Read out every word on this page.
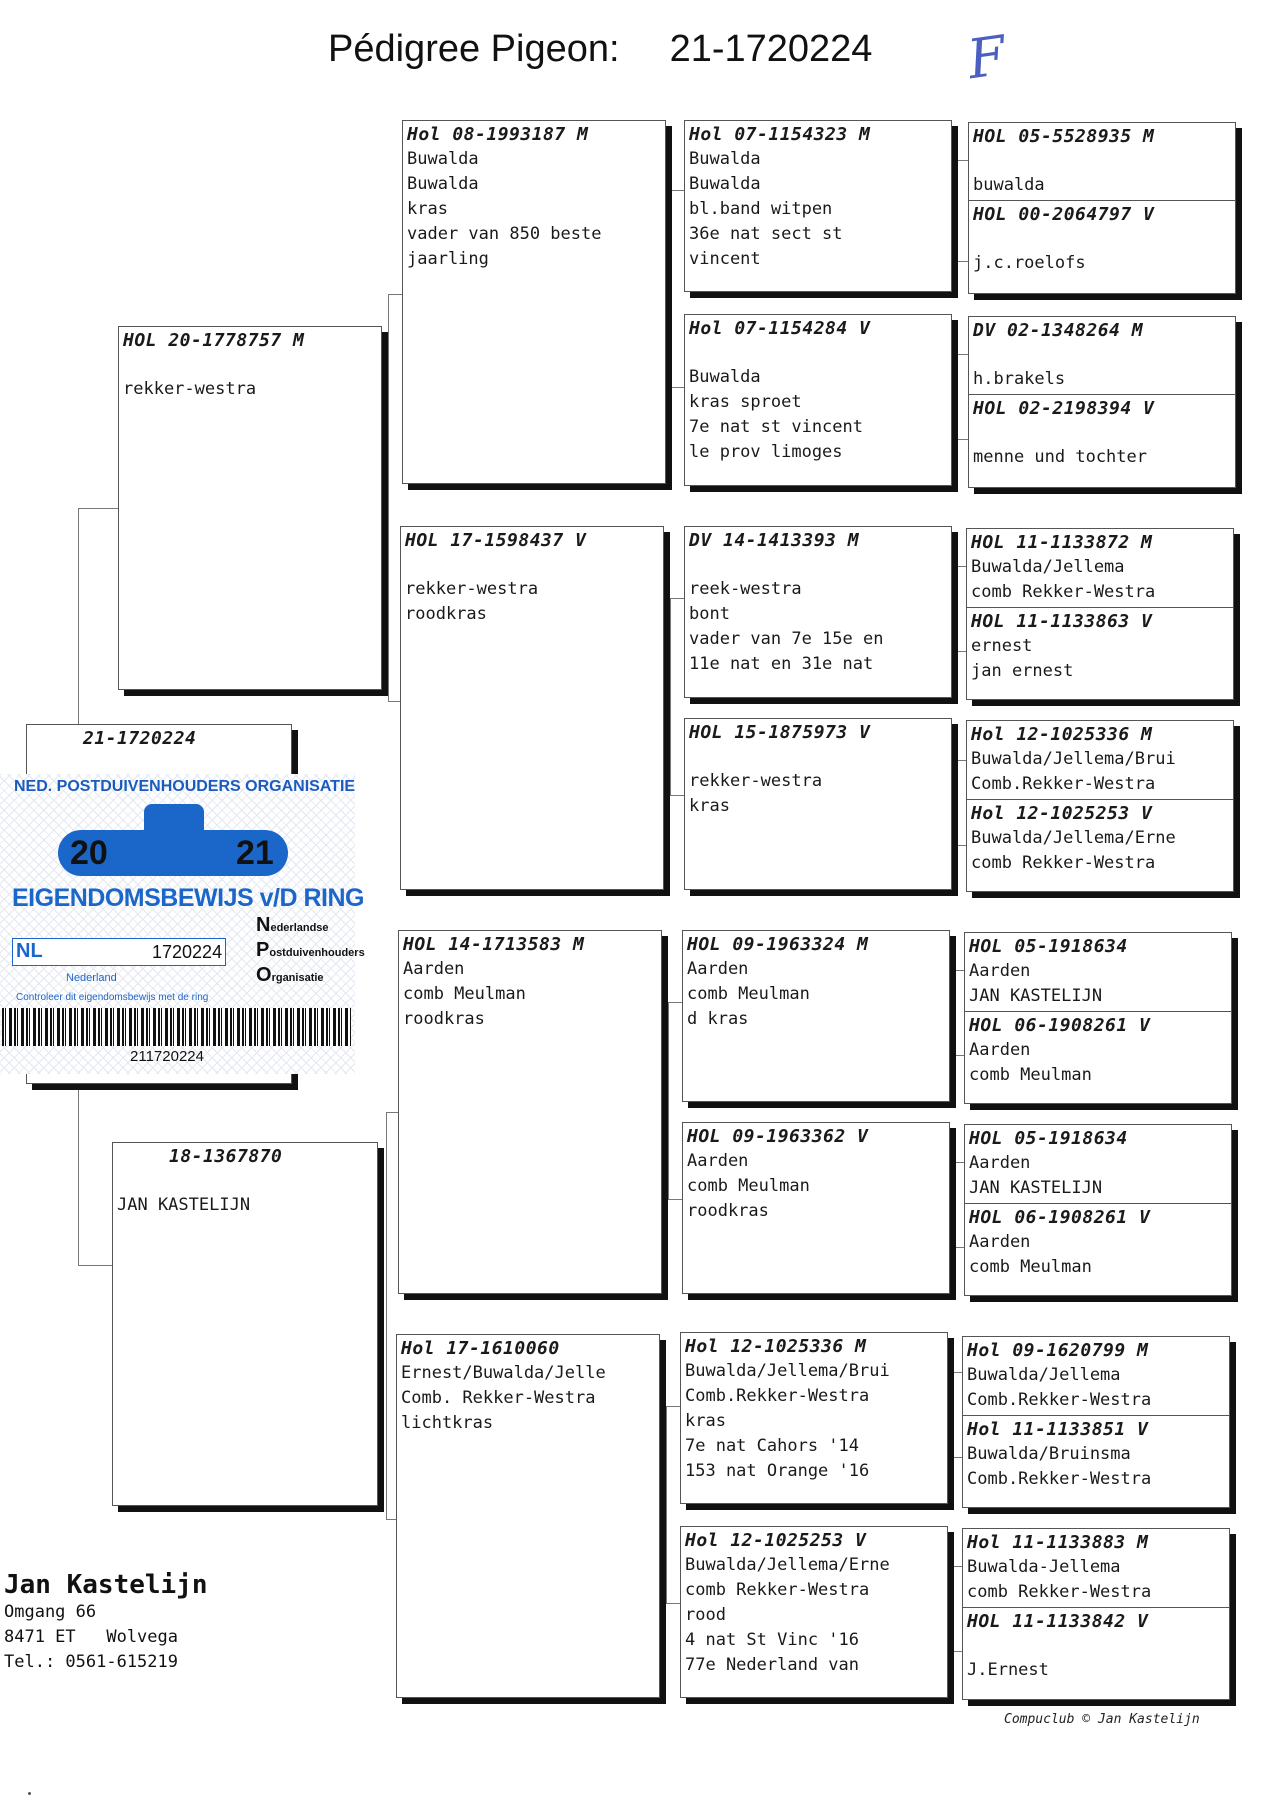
Pédigree Pigeon: 21-1720224 F
21-1720224
HOL 20-1778757 M
rekker-westra
18-1367870
JAN KASTELIJN
Hol 08-1993187 M
Buwalda
Buwalda
kras
vader van 850 beste
jaarling
HOL 17-1598437 V
rekker-westra
roodkras
HOL 14-1713583 M
Aarden
comb Meulman
roodkras
Hol 17-1610060
Ernest/Buwalda/Jelle
Comb. Rekker-Westra
lichtkras
Hol 07-1154323 M
Buwalda
Buwalda
bl.band witpen
36e nat sect st
vincent
Hol 07-1154284 V
Buwalda
kras sproet
7e nat st vincent
le prov limoges
DV 14-1413393 M
reek-westra
bont
vader van 7e 15e en
11e nat en 31e nat
HOL 15-1875973 V
rekker-westra
kras
HOL 09-1963324 M
Aarden
comb Meulman
d kras
HOL 09-1963362 V
Aarden
comb Meulman
roodkras
Hol 12-1025336 M
Buwalda/Jellema/Brui
Comb.Rekker-Westra
kras
7e nat Cahors '14
153 nat Orange '16
Hol 12-1025253 V
Buwalda/Jellema/Erne
comb Rekker-Westra
rood
4 nat St Vinc '16
77e Nederland van
HOL 05-5528935 M
buwalda
HOL 00-2064797 V
j.c.roelofs
DV 02-1348264 M
h.brakels
HOL 02-2198394 V
menne und tochter
HOL 11-1133872 M
Buwalda/Jellema
comb Rekker-Westra
HOL 11-1133863 V
ernest
jan ernest
Hol 12-1025336 M
Buwalda/Jellema/Brui
Comb.Rekker-Westra
Hol 12-1025253 V
Buwalda/Jellema/Erne
comb Rekker-Westra
HOL 05-1918634
Aarden
JAN KASTELIJN
HOL 06-1908261 V
Aarden
comb Meulman
HOL 05-1918634
Aarden
JAN KASTELIJN
HOL 06-1908261 V
Aarden
comb Meulman
Hol 09-1620799 M
Buwalda/Jellema
Comb.Rekker-Westra
Hol 11-1133851 V
Buwalda/Bruinsma
Comb.Rekker-Westra
Hol 11-1133883 M
Buwalda-Jellema
comb Rekker-Westra
HOL 11-1133842 V
J.Ernest
NED. POSTDUIVENHOUDERS ORGANISATIE
20	21
EIGENDOMSBEWIJS v/D RING
NL	1720224
Nederlandse
Postduivenhouders
Organisatie
Nederland
Controleer dit eigendomsbewijs met de ring
211720224
Jan Kastelijn
Omgang 66
8471 ET   Wolvega
Tel.: 0561-615219
Compuclub © Jan Kastelijn
